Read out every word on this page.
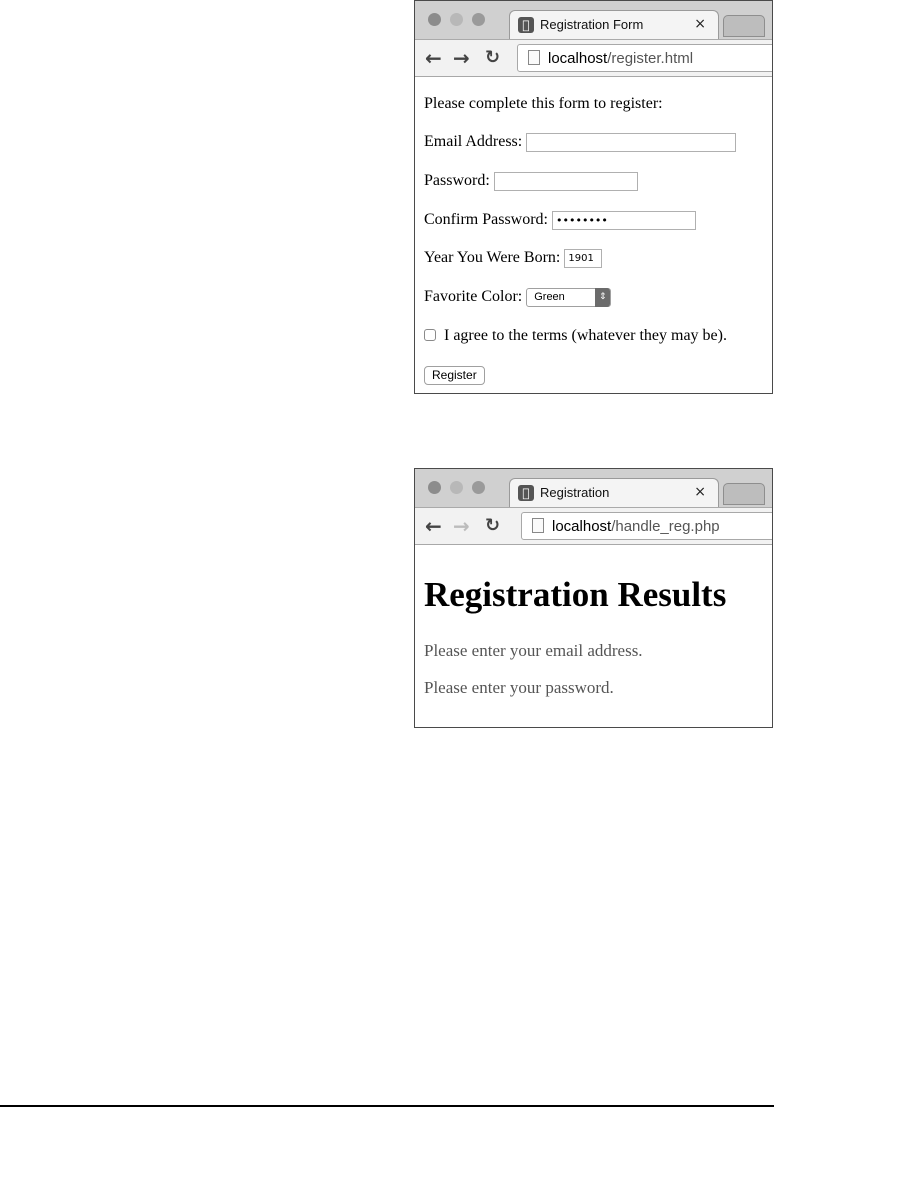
Registration Form	×
← → ↻	localhost/register.html
Please complete this form to register:
Email Address:
Password:
Confirm Password: ••••••••
Year You Were Born: 1901
Favorite Color: Green	⇕
I agree to the terms (whatever they may be).
Register
Registration	×
← → ↻	localhost/handle_reg.php
Registration Results
Please enter your email address.
Please enter your password.
